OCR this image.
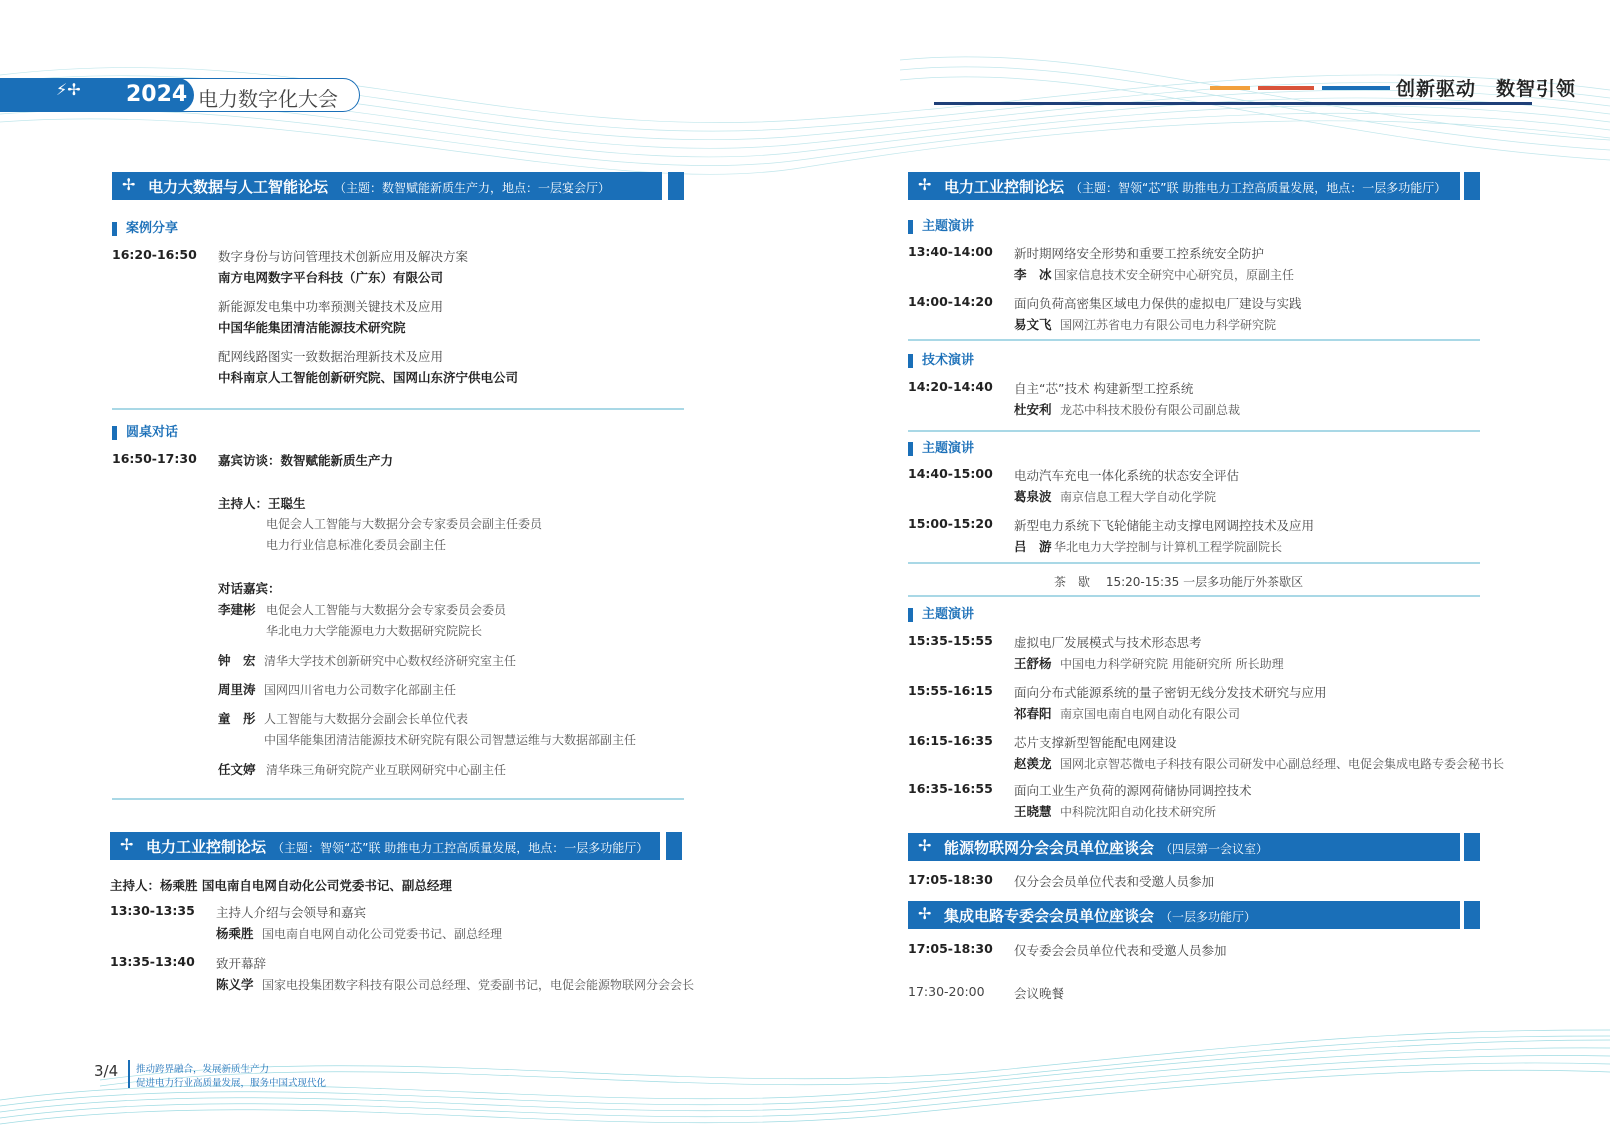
⚡✢ 2024 电力数字化大会	创新驱动　数智引领
✢ 电力大数据与人工智能论坛 （主题：数智赋能新质生产力，地点：一层宴会厅）
案例分享
16:20-16:50 数字身份与访问管理技术创新应用及解决方案
南方电网数字平台科技（广东）有限公司
新能源发电集中功率预测关键技术及应用
中国华能集团清洁能源技术研究院
配网线路图实一致数据治理新技术及应用
中科南京人工智能创新研究院、国网山东济宁供电公司
圆桌对话
16:50-17:30 嘉宾访谈：数智赋能新质生产力
主持人：王聪生
电促会人工智能与大数据分会专家委员会副主任委员
电力行业信息标准化委员会副主任
对话嘉宾：
李建彬 电促会人工智能与大数据分会专家委员会委员
华北电力大学能源电力大数据研究院院长
钟　宏 清华大学技术创新研究中心数权经济研究室主任
周里涛 国网四川省电力公司数字化部副主任
童　彤 人工智能与大数据分会副会长单位代表
中国华能集团清洁能源技术研究院有限公司智慧运维与大数据部副主任
任文婷 清华珠三角研究院产业互联网研究中心副主任
✢ 电力工业控制论坛 （主题：智领“芯”联 助推电力工控高质量发展，地点：一层多功能厅）
主持人：杨乘胜 国电南自电网自动化公司党委书记、副总经理
13:30-13:35 主持人介绍与会领导和嘉宾
杨乘胜 国电南自电网自动化公司党委书记、副总经理
13:35-13:40 致开幕辞
陈义学 国家电投集团数字科技有限公司总经理、党委副书记，电促会能源物联网分会会长
✢ 电力工业控制论坛 （主题：智领“芯”联 助推电力工控高质量发展，地点：一层多功能厅）
主题演讲
13:40-14:00 新时期网络安全形势和重要工控系统安全防护
李　冰 国家信息技术安全研究中心研究员，原副主任
14:00-14:20 面向负荷高密集区域电力保供的虚拟电厂建设与实践
易文飞 国网江苏省电力有限公司电力科学研究院
技术演讲
14:20-14:40 自主“芯”技术 构建新型工控系统
杜安利 龙芯中科技术股份有限公司副总裁
主题演讲
14:40-15:00 电动汽车充电一体化系统的状态安全评估
葛泉波 南京信息工程大学自动化学院
15:00-15:20 新型电力系统下飞轮储能主动支撑电网调控技术及应用
吕　游 华北电力大学控制与计算机工程学院副院长
茶　歇　 15:20-15:35 一层多功能厅外茶歇区
主题演讲
15:35-15:55 虚拟电厂发展模式与技术形态思考
王舒杨 中国电力科学研究院 用能研究所 所长助理
15:55-16:15 面向分布式能源系统的量子密钥无线分发技术研究与应用
祁春阳 南京国电南自电网自动化有限公司
16:15-16:35 芯片支撑新型智能配电网建设
赵羡龙 国网北京智芯微电子科技有限公司研发中心副总经理、电促会集成电路专委会秘书长
16:35-16:55 面向工业生产负荷的源网荷储协同调控技术
王晓慧 中科院沈阳自动化技术研究所
✢ 能源物联网分会会员单位座谈会 （四层第一会议室）
17:05-18:30 仅分会会员单位代表和受邀人员参加
✢ 集成电路专委会会员单位座谈会 （一层多功能厅）
17:05-18:30 仅专委会会员单位代表和受邀人员参加
17:30-20:00 会议晚餐
3/4 推动跨界融合，发展新质生产力
促进电力行业高质量发展，服务中国式现代化
